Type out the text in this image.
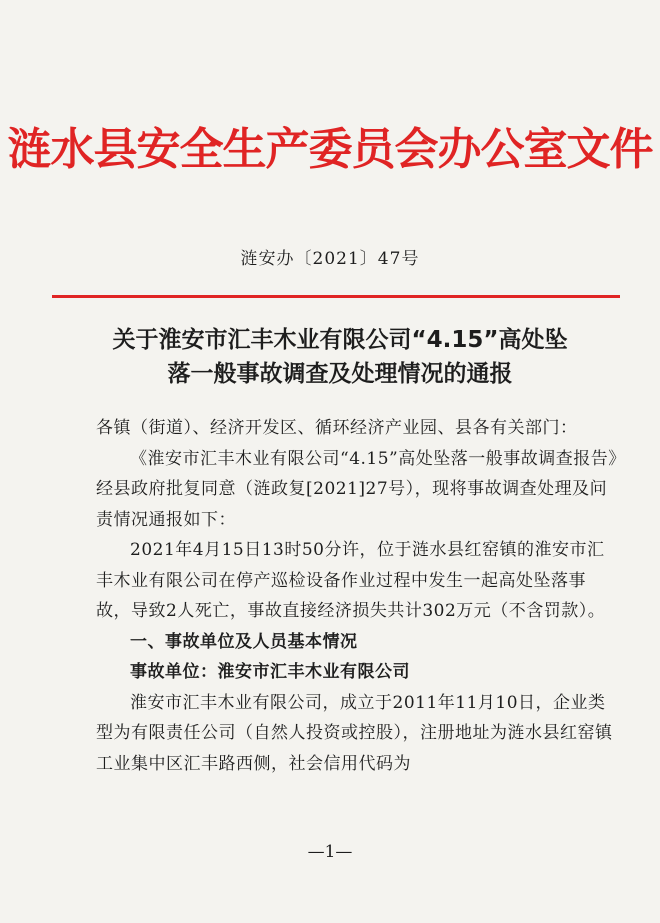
涟水县安全生产委员会办公室文件
涟安办〔2021〕47号
关于淮安市汇丰木业有限公司“4.15”高处坠
落一般事故调查及处理情况的通报

各镇（街道）、经济开发区、循环经济产业园、县各有关部门：

《淮安市汇丰木业有限公司“4.15”高处坠落一般事故调查报告》经县政府批复同意（涟政复[2021]27号），现将事故调查处理及问责情况通报如下：

2021年4月15日13时50分许，位于涟水县红窑镇的淮安市汇丰木业有限公司在停产巡检设备作业过程中发生一起高处坠落事故，导致2人死亡，事故直接经济损失共计302万元（不含罚款）。

一、事故单位及人员基本情况

事故单位：淮安市汇丰木业有限公司

淮安市汇丰木业有限公司，成立于2011年11月10日，企业类型为有限责任公司（自然人投资或控股），注册地址为涟水县红窑镇工业集中区汇丰路西侧，社会信用代码为

—1—
